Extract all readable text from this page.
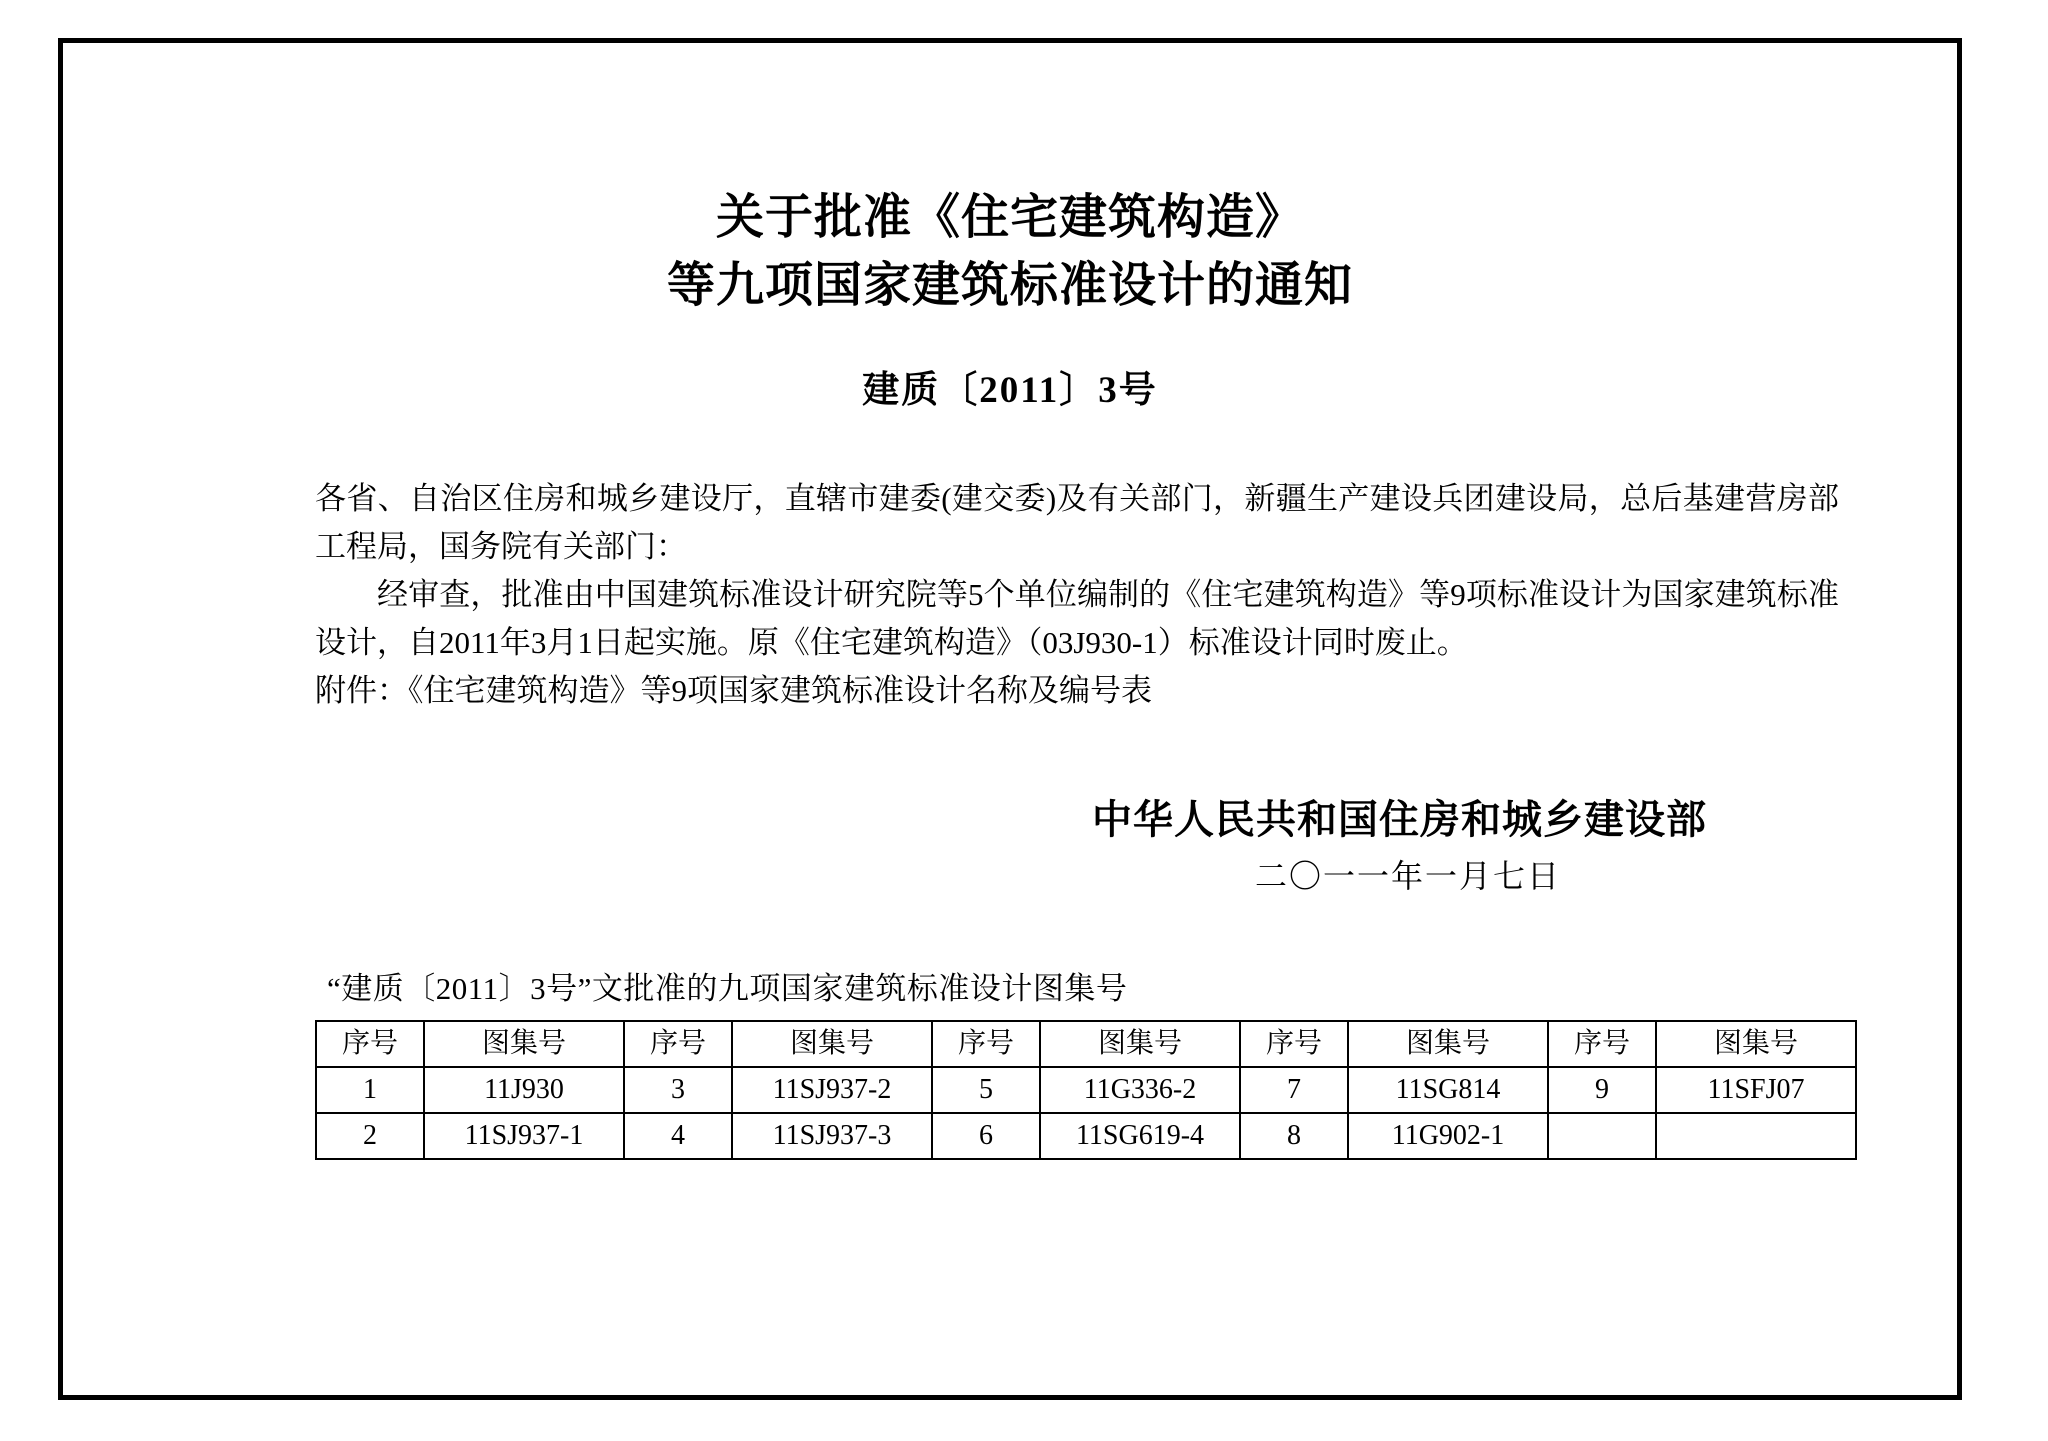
关于批准《住宅建筑构造》
等九项国家建筑标准设计的通知
建质〔2011〕3号

各省、自治区住房和城乡建设厅，直辖市建委(建交委)及有关部门，新疆生产建设兵团建设局，总后基建营房部工程局，国务院有关部门：

经审查，批准由中国建筑标准设计研究院等5个单位编制的《住宅建筑构造》等9项标准设计为国家建筑标准设计，自2011年3月1日起实施。原《住宅建筑构造》（03J930-1）标准设计同时废止。

附件：《住宅建筑构造》等9项国家建筑标准设计名称及编号表

中华人民共和国住房和城乡建设部
二〇一一年一月七日
“建质〔2011〕3号”文批准的九项国家建筑标准设计图集号
序号	图集号	序号	图集号	序号	图集号	序号	图集号	序号	图集号
1	11J930	3	11SJ937-2	5	11G336-2	7	11SG814	9	11SFJ07
2	11SJ937-1	4	11SJ937-3	6	11SG619-4	8	11G902-1		
